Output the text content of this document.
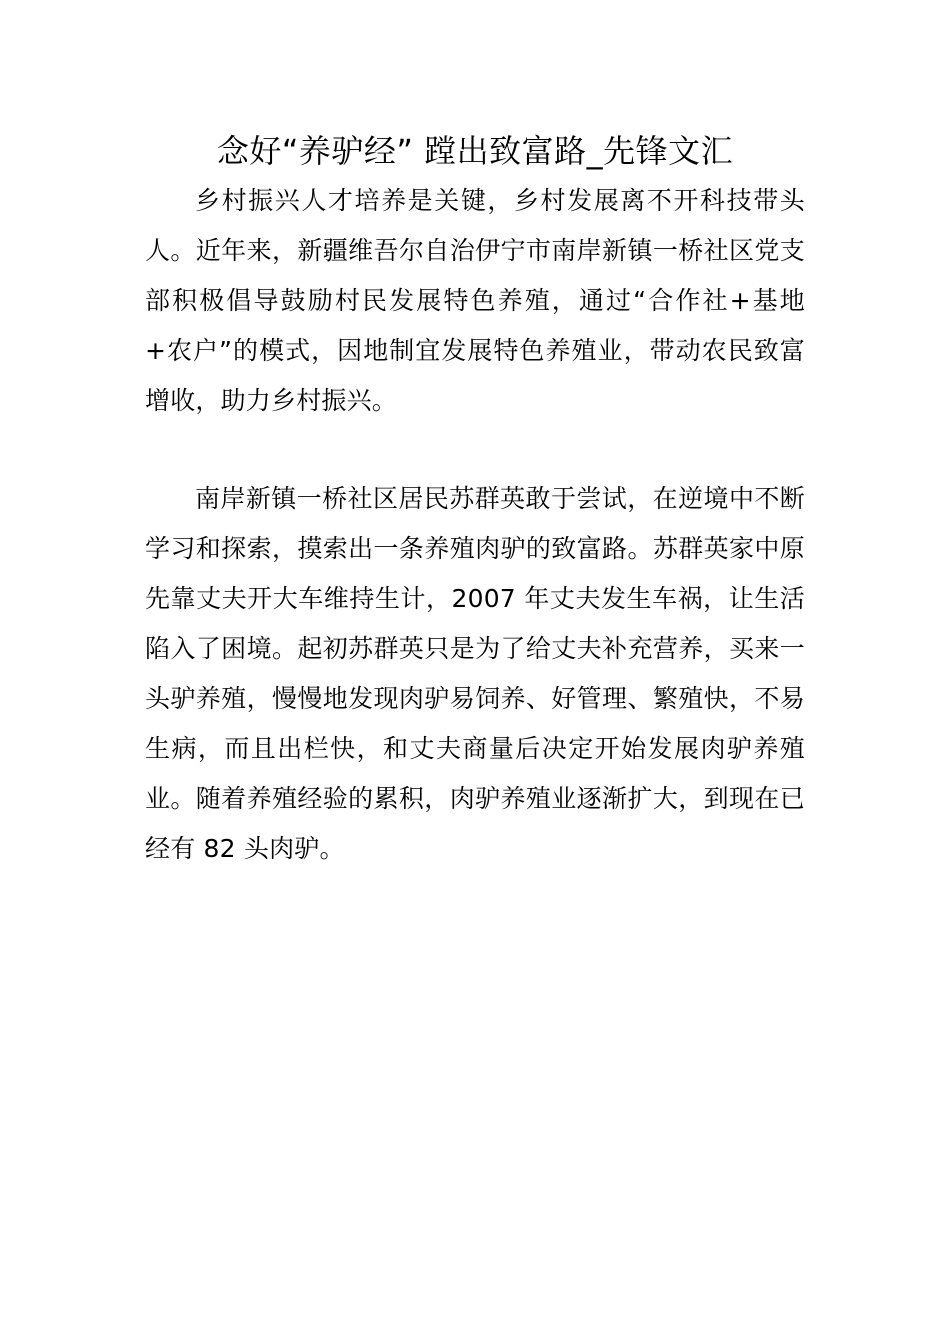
念好“养驴经” 蹚出致富路_先锋文汇

乡村振兴人才培养是关键，乡村发展离不开科技带头人。近年来，新疆维吾尔自治伊宁市南岸新镇一桥社区党支部积极倡导鼓励村民发展特色养殖，通过“合作社+基地+农户”的模式，因地制宜发展特色养殖业，带动农民致富增收，助力乡村振兴。

南岸新镇一桥社区居民苏群英敢于尝试，在逆境中不断学习和探索，摸索出一条养殖肉驴的致富路。苏群英家中原先靠丈夫开大车维持生计，2007 年丈夫发生车祸，让生活陷入了困境。起初苏群英只是为了给丈夫补充营养，买来一头驴养殖，慢慢地发现肉驴易饲养、好管理、繁殖快，不易生病，而且出栏快，和丈夫商量后决定开始发展肉驴养殖业。随着养殖经验的累积，肉驴养殖业逐渐扩大，到现在已经有 82 头肉驴。
